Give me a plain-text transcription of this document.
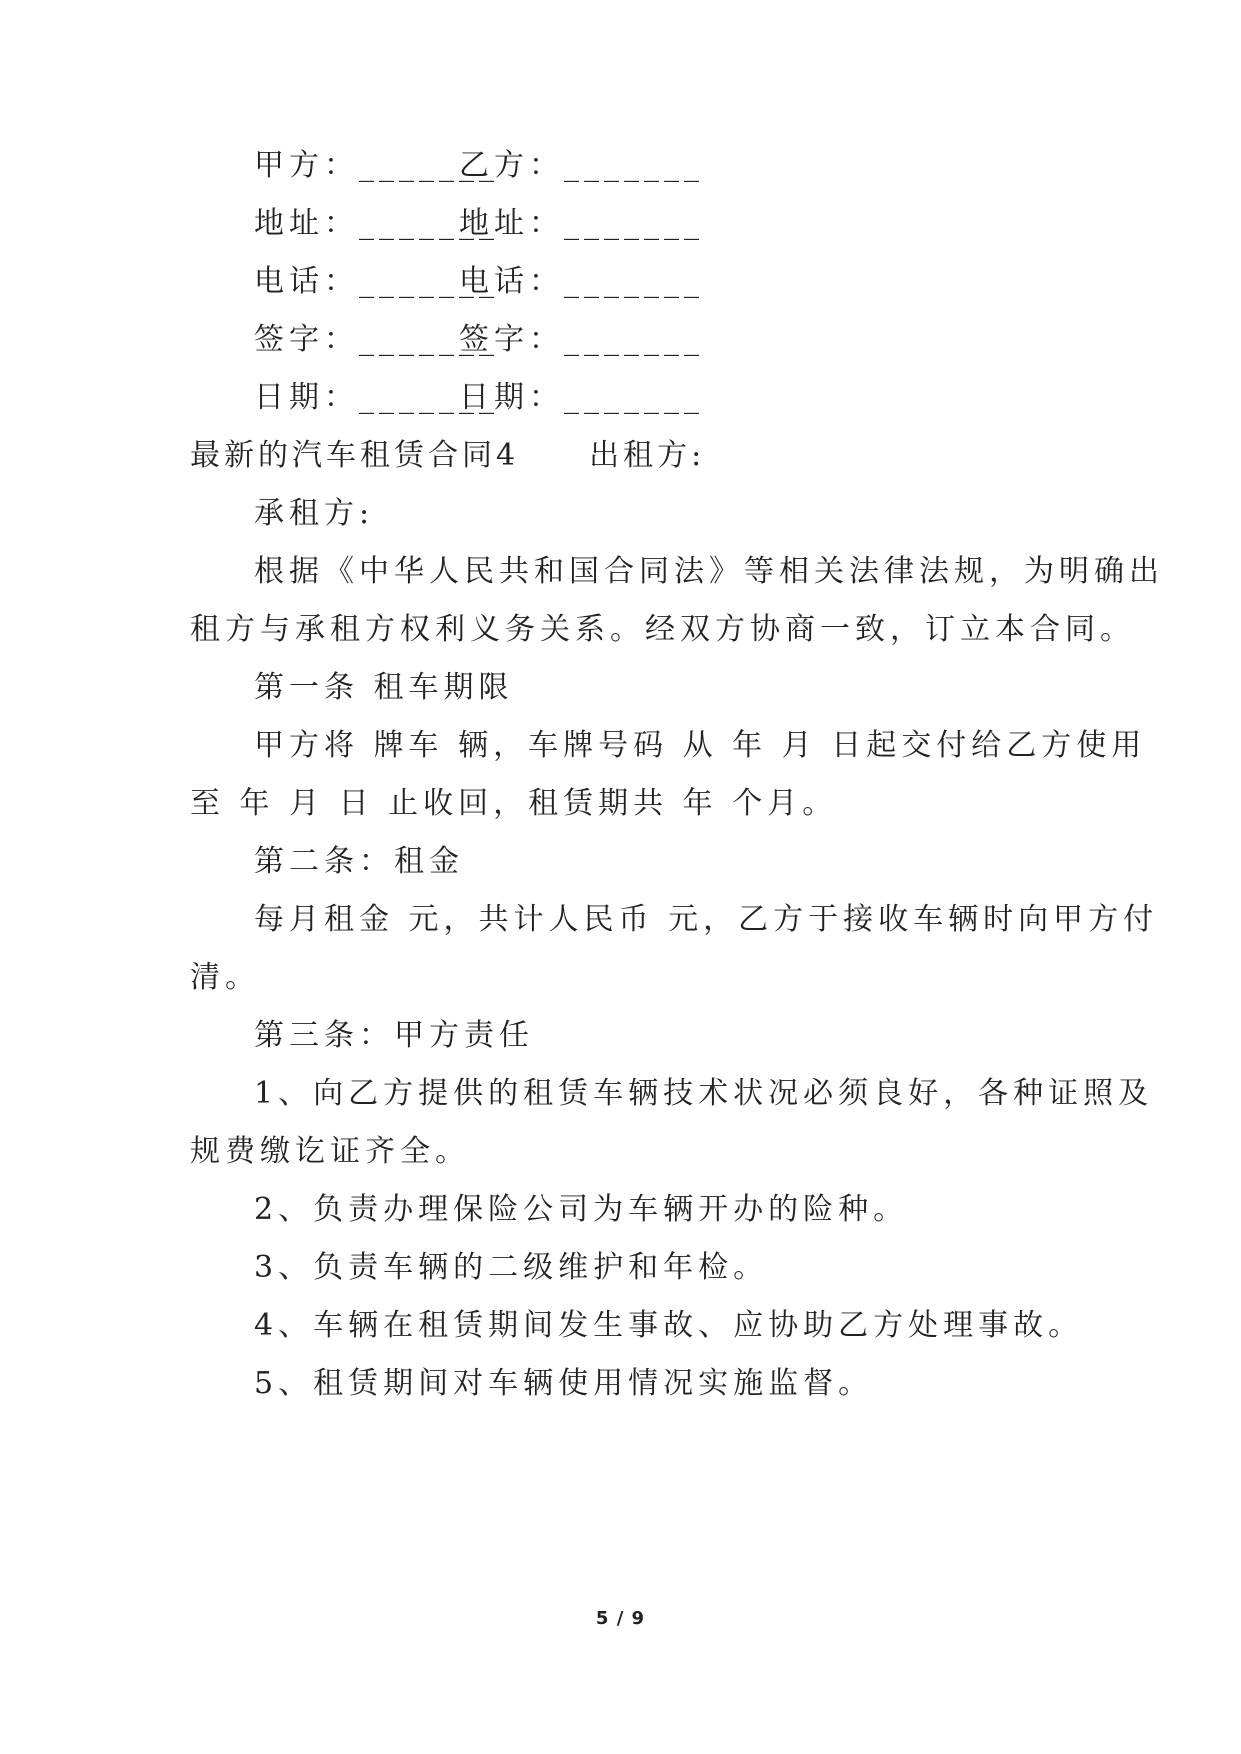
甲方：_______
乙方：_______
地址：_______
地址：_______
电话：_______
电话：_______
签字：_______
签字：_______
日期：_______
日期：_______
最新的汽车租赁合同4 出租方:
承租方:
根据《中华人民共和国合同法》等相关法律法规，为明确出
租方与承租方权利义务关系。经双方协商一致，订立本合同。
第一条 租车期限
甲方将 牌车 辆，车牌号码 从 年 月 日起交付给乙方使用
至 年 月 日 止收回，租赁期共 年 个月。
第二条：租金
每月租金 元，共计人民币 元，乙方于接收车辆时向甲方付
清。
第三条：甲方责任
1、向乙方提供的租赁车辆技术状况必须良好，各种证照及
规费缴讫证齐全。
2、负责办理保险公司为车辆开办的险种。
3、负责车辆的二级维护和年检。
4、车辆在租赁期间发生事故、应协助乙方处理事故。
5、租赁期间对车辆使用情况实施监督。
5 / 9
